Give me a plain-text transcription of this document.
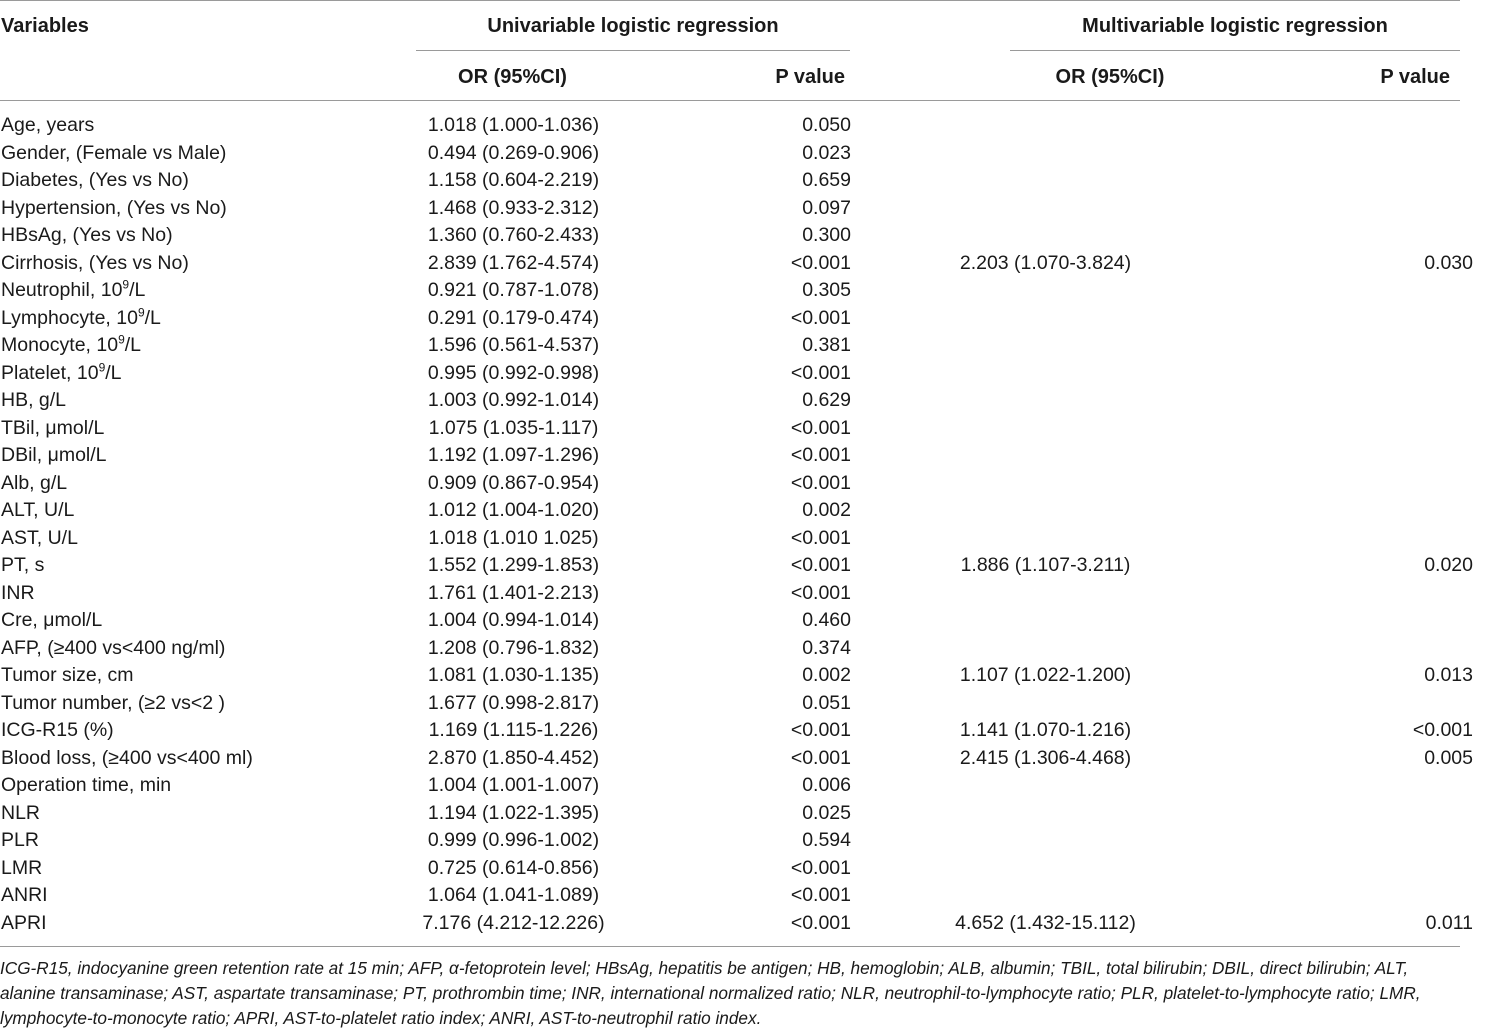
Variables	Univariable logistic regression	Multivariable logistic regression
OR (95%CI)	P value	OR (95%CI)	P value
Age, years	1.018 (1.000-1.036)	0.050		
Gender, (Female vs Male)	0.494 (0.269-0.906)	0.023		
Diabetes, (Yes vs No)	1.158 (0.604-2.219)	0.659		
Hypertension, (Yes vs No)	1.468 (0.933-2.312)	0.097		
HBsAg, (Yes vs No)	1.360 (0.760-2.433)	0.300		
Cirrhosis, (Yes vs No)	2.839 (1.762-4.574)	<0.001	2.203 (1.070-3.824)	0.030
Neutrophil, $10^9/L$	0.921 (0.787-1.078)	0.305		
Lymphocyte, $10^9/L$	0.291 (0.179-0.474)	<0.001		
Monocyte, $10^9/L$	1.596 (0.561-4.537)	0.381		
Platelet, $10^9/L$	0.995 (0.992-0.998)	<0.001		
HB, g/L	1.003 (0.992-1.014)	0.629		
TBil, μmol/L	1.075 (1.035-1.117)	<0.001		
DBil, μmol/L	1.192 (1.097-1.296)	<0.001		
Alb, g/L	0.909 (0.867-0.954)	<0.001		
ALT, U/L	1.012 (1.004-1.020)	0.002		
AST, U/L	1.018 (1.010 1.025)	<0.001		
PT, s	1.552 (1.299-1.853)	<0.001	1.886 (1.107-3.211)	0.020
INR	1.761 (1.401-2.213)	<0.001		
Cre, μmol/L	1.004 (0.994-1.014)	0.460		
AFP, (≥400 vs<400 ng/ml)	1.208 (0.796-1.832)	0.374		
Tumor size, cm	1.081 (1.030-1.135)	0.002	1.107 (1.022-1.200)	0.013
Tumor number, (≥2 vs<2 )	1.677 (0.998-2.817)	0.051		
ICG-R15 (%)	1.169 (1.115-1.226)	<0.001	1.141 (1.070-1.216)	<0.001
Blood loss, (≥400 vs<400 ml)	2.870 (1.850-4.452)	<0.001	2.415 (1.306-4.468)	0.005
Operation time, min	1.004 (1.001-1.007)	0.006		
NLR	1.194 (1.022-1.395)	0.025		
PLR	0.999 (0.996-1.002)	0.594		
LMR	0.725 (0.614-0.856)	<0.001		
ANRI	1.064 (1.041-1.089)	<0.001		
APRI	7.176 (4.212-12.226)	<0.001	4.652 (1.432-15.112)	0.011
ICG-R15, indocyanine green retention rate at 15 min; AFP, α-fetoprotein level; HBsAg, hepatitis be antigen; HB, hemoglobin; ALB, albumin; TBIL, total bilirubin; DBIL, direct bilirubin; ALT, alanine transaminase; AST, aspartate transaminase; PT, prothrombin time; INR, international normalized ratio; NLR, neutrophil-to-lymphocyte ratio; PLR, platelet-to-lymphocyte ratio; LMR, lymphocyte-to-monocyte ratio; APRI, AST-to-platelet ratio index; ANRI, AST-to-neutrophil ratio index.
